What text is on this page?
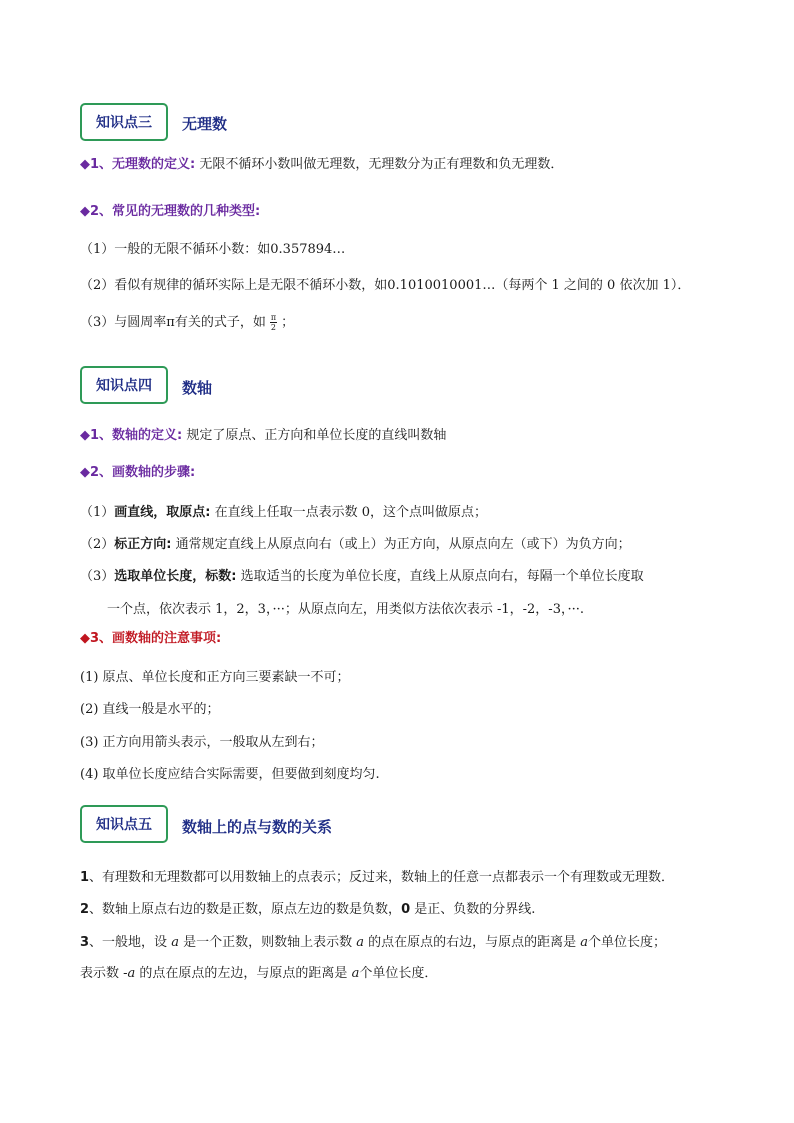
知识点三	无理数
◆1、无理数的定义: 无限不循环小数叫做无理数，无理数分为正有理数和负无理数．
◆2、常见的无理数的几种类型:
（1）一般的无限不循环小数：如0.357894…
（2）看似有规律的循环实际上是无限不循环小数，如0.1010010001…（每两个 1 之间的 0 依次加 1）．
（3）与圆周率π有关的式子，如 $\frac{\pi}{2}$ ；
知识点四	数轴
◆1、数轴的定义: 规定了原点、正方向和单位长度的直线叫数轴
◆2、画数轴的步骤:
（1）画直线，取原点: 在直线上任取一点表示数 0，这个点叫做原点；
（2）标正方向: 通常规定直线上从原点向右（或上）为正方向，从原点向左（或下）为负方向；
（3）选取单位长度，标数: 选取适当的长度为单位长度，直线上从原点向右，每隔一个单位长度取
一个点，依次表示 1，2，3，···；从原点向左，用类似方法依次表示 -1，-2，-3，···.
◆3、画数轴的注意事项:
(1) 原点、单位长度和正方向三要素缺一不可；
(2) 直线一般是水平的；
(3) 正方向用箭头表示，一般取从左到右；
(4) 取单位长度应结合实际需要，但要做到刻度均匀.
知识点五	数轴上的点与数的关系
1、有理数和无理数都可以用数轴上的点表示；反过来，数轴上的任意一点都表示一个有理数或无理数．
2、数轴上原点右边的数是正数，原点左边的数是负数，0 是正、负数的分界线.
3、一般地，设 a 是一个正数，则数轴上表示数 a 的点在原点的右边，与原点的距离是 a个单位长度；
表示数 -a 的点在原点的左边，与原点的距离是 a个单位长度．
